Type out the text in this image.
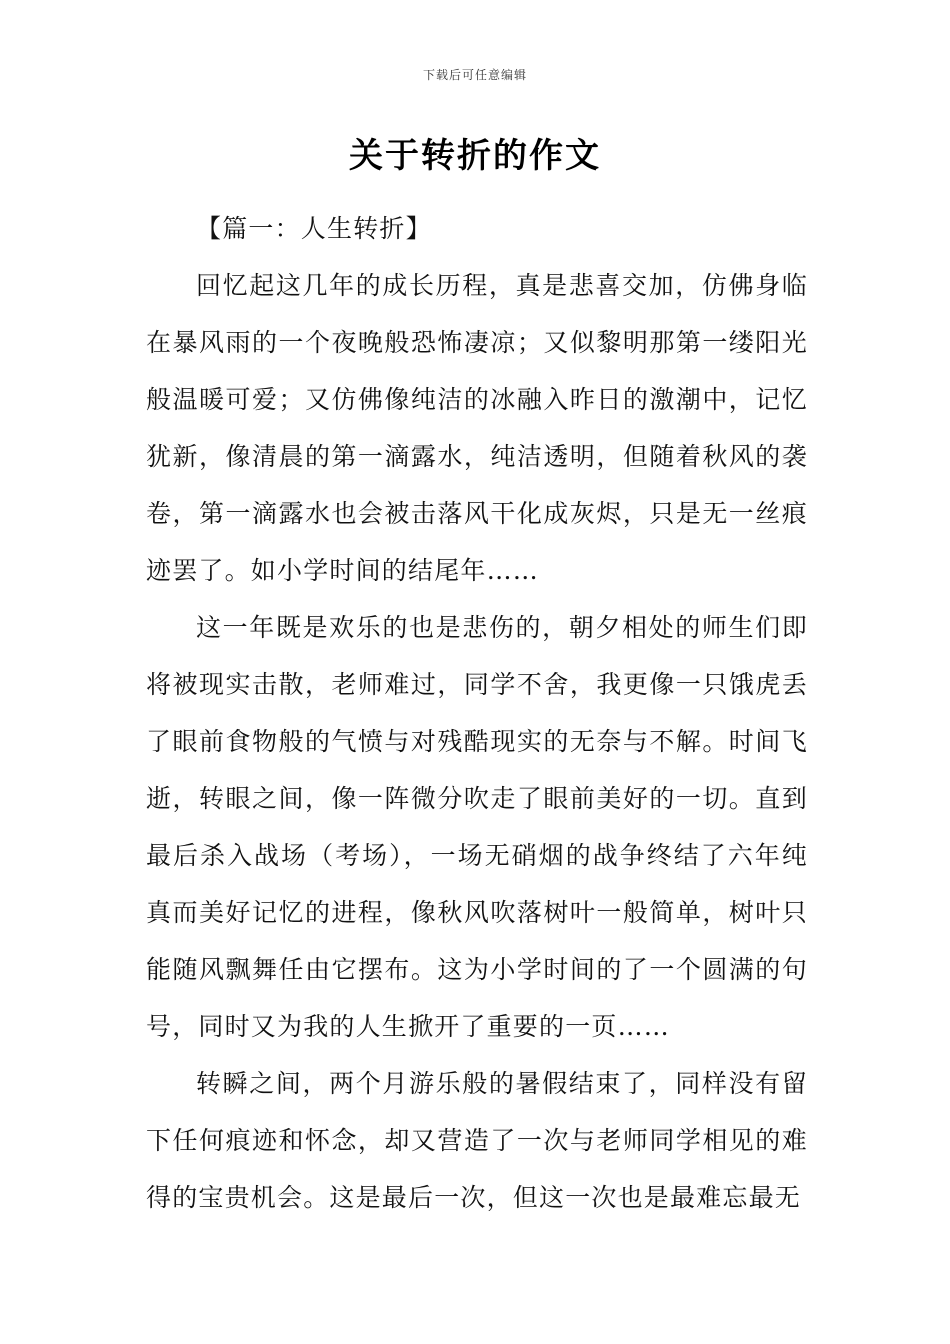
下载后可任意编辑
关于转折的作文
【篇一：人生转折】

回忆起这几年的成长历程，真是悲喜交加，仿佛身临在暴风雨的一个夜晚般恐怖凄凉；又似黎明那第一缕阳光般温暖可爱；又仿佛像纯洁的冰融入昨日的激潮中，记忆犹新，像清晨的第一滴露水，纯洁透明，但随着秋风的袭卷，第一滴露水也会被击落风干化成灰烬，只是无一丝痕迹罢了。如小学时间的结尾年……

这一年既是欢乐的也是悲伤的，朝夕相处的师生们即将被现实击散，老师难过，同学不舍，我更像一只饿虎丢了眼前食物般的气愤与对残酷现实的无奈与不解。时间飞逝，转眼之间，像一阵微分吹走了眼前美好的一切。直到最后杀入战场（考场），一场无硝烟的战争终结了六年纯真而美好记忆的进程，像秋风吹落树叶一般简单，树叶只能随风飘舞任由它摆布。这为小学时间的了一个圆满的句号，同时又为我的人生掀开了重要的一页……

转瞬之间，两个月游乐般的暑假结束了，同样没有留下任何痕迹和怀念，却又营造了一次与老师同学相见的难得的宝贵机会。这是最后一次，但这一次也是最难忘最无
